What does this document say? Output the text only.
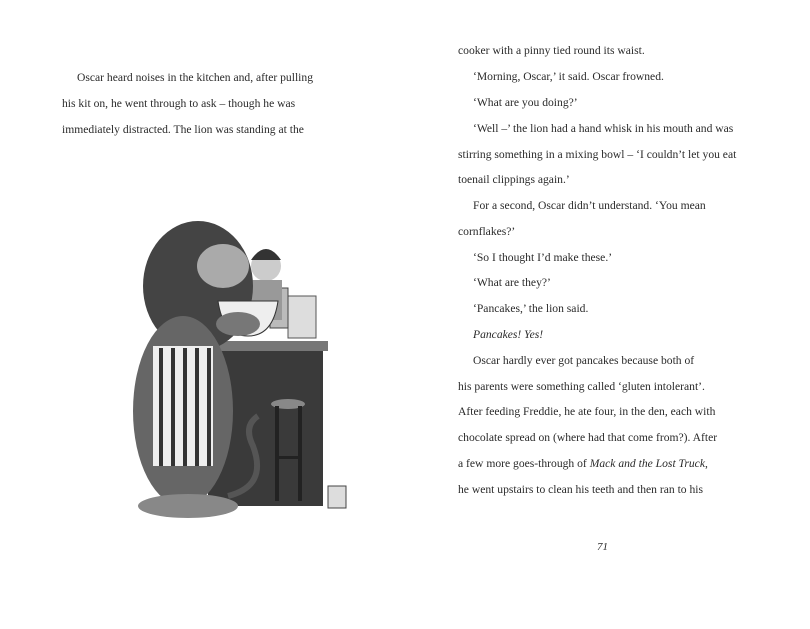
Oscar heard noises in the kitchen and, after pulling
his kit on, he went through to ask – though he was
immediately distracted. The lion was standing at the
cooker with a pinny tied round its waist.
‘Morning, Oscar,’ it said. Oscar frowned.
‘What are you doing?’
‘Well –’ the lion had a hand whisk in his mouth and was
stirring something in a mixing bowl – ‘I couldn’t let you eat
toenail clippings again.’
For a second, Oscar didn’t understand. ‘You mean
cornflakes?’
‘So I thought I’d make these.’
‘What are they?’
‘Pancakes,’ the lion said.
Pancakes! Yes!
Oscar hardly ever got pancakes because both of
his parents were something called ‘gluten intolerant’.
After feeding Freddie, he ate four, in the den, each with
chocolate spread on (where had that come from?). After
a few more goes-through of Mack and the Lost Truck,
he went upstairs to clean his teeth and then ran to his
71
